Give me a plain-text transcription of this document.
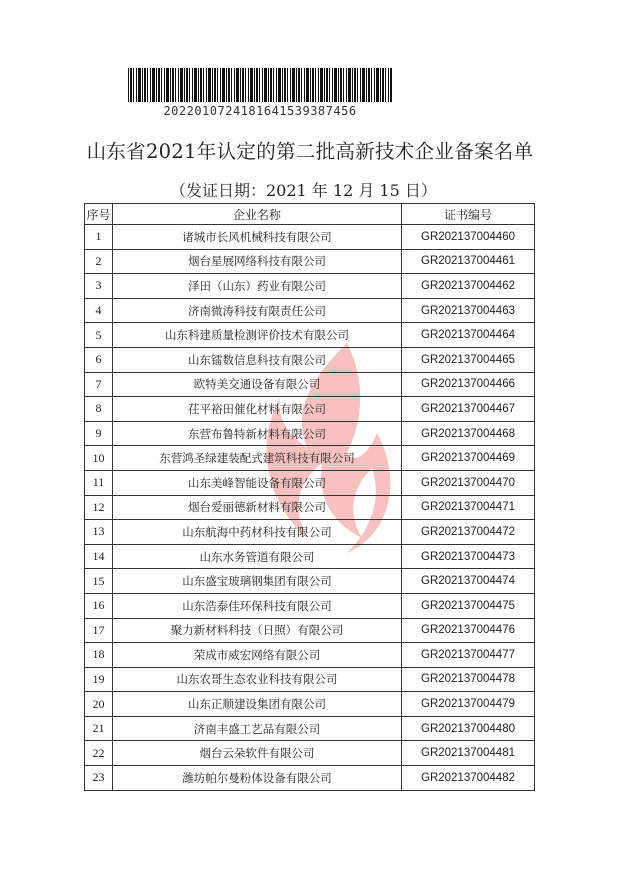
2022010724181641539387456
山东省2021年认定的第二批高新技术企业备案名单
（发证日期：2021 年 12 月 15 日）
序号	企业名称	证书编号
1	诸城市长风机械科技有限公司	GR202137004460
2	烟台星展网络科技有限公司	GR202137004461
3	泽田（山东）药业有限公司	GR202137004462
4	济南微涛科技有限责任公司	GR202137004463
5	山东科建质量检测评价技术有限公司	GR202137004464
6	山东镭数信息科技有限公司	GR202137004465
7	欧特美交通设备有限公司	GR202137004466
8	茌平裕田催化材料有限公司	GR202137004467
9	东营布鲁特新材料有限公司	GR202137004468
10	东营鸿圣绿建装配式建筑科技有限公司	GR202137004469
11	山东美峰智能设备有限公司	GR202137004470
12	烟台爱丽德新材料有限公司	GR202137004471
13	山东航海中药材科技有限公司	GR202137004472
14	山东水务管道有限公司	GR202137004473
15	山东盛宝玻璃钢集团有限公司	GR202137004474
16	山东浩泰佳环保科技有限公司	GR202137004475
17	聚力新材料科技（日照）有限公司	GR202137004476
18	荣成市威宏网络有限公司	GR202137004477
19	山东农哥生态农业科技有限公司	GR202137004478
20	山东正顺建设集团有限公司	GR202137004479
21	济南丰盛工艺品有限公司	GR202137004480
22	烟台云朵软件有限公司	GR202137004481
23	潍坊帕尔曼粉体设备有限公司	GR202137004482
